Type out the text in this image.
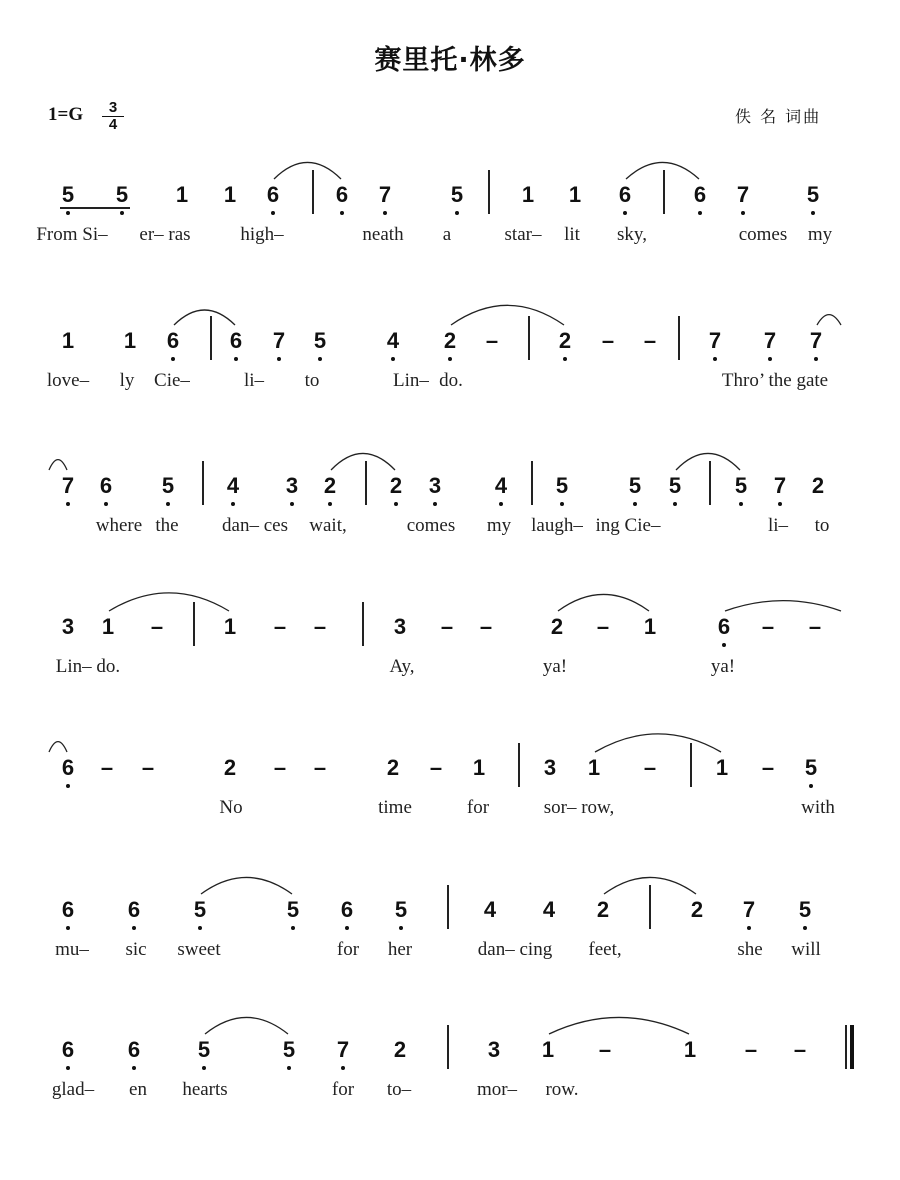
赛里托·林多
$1=G \frac{3}{4}$	佚 名 词曲
5 5 1 1 6	6 7	5	1 1 6	6 7	5
From Si–	er– ras	high–	neath	a	star–	lit	sky,	comes	my
1 1 6 6 7 5	4 2 –	2 – – 7 7 7
love–	ly	Cie–	li–	to	Lin– do.	Thro’ the gate
7 6 5 4 3 2 2 3 4 5	5 5 5 7 2
where the	dan– ces	wait,	comes	my	laugh– ing Cie–	li–	to
3 1 –	1 – –	3 – –	2 – 1	6 – –
Lin– do.	Ay,	ya!	ya!
6 – –	2 – –	2 – 1	3 1 –	1 – 5
No	time	for	sor– row,	with
6 6 5	5 6 5	4 4 2	2 7 5
mu–	sic	sweet	for	her	dan– cing	feet,	she	will
6 6	5	5 7 2	3 1 –	1 – –
glad–	en	hearts	for	to–	mor–	row.
